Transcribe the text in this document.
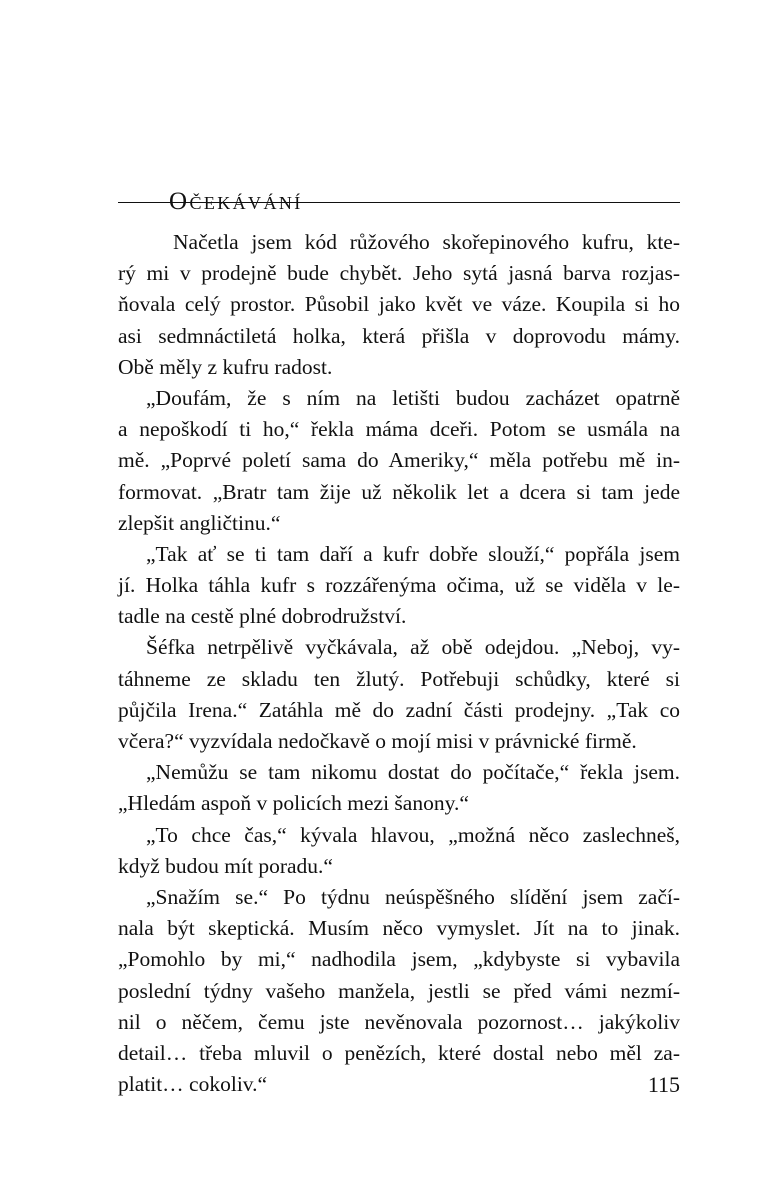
Očekávání

Načetla jsem kód růžového skořepinového kufru, kte-
rý mi v prodejně bude chybět. Jeho sytá jasná barva rozjas-
ňovala celý prostor. Působil jako květ ve váze. Koupila si ho
asi sedmnáctiletá holka, která přišla v doprovodu mámy.
Obě měly z kufru radost.

„Doufám, že s ním na letišti budou zacházet opatrně
a nepoškodí ti ho,“ řekla máma dceři. Potom se usmála na
mě. „Poprvé poletí sama do Ameriky,“ měla potřebu mě in-
formovat. „Bratr tam žije už několik let a dcera si tam jede
zlepšit angličtinu.“

„Tak ať se ti tam daří a kufr dobře slouží,“ popřála jsem
jí. Holka táhla kufr s rozzářenýma očima, už se viděla v le-
tadle na cestě plné dobrodružství.

Šéfka netrpělivě vyčkávala, až obě odejdou. „Neboj, vy-
táhneme ze skladu ten žlutý. Potřebuji schůdky, které si
půjčila Irena.“ Zatáhla mě do zadní části prodejny. „Tak co
včera?“ vyzvídala nedočkavě o mojí misi v právnické firmě.

„Nemůžu se tam nikomu dostat do počítače,“ řekla jsem.
„Hledám aspoň v policích mezi šanony.“

„To chce čas,“ kývala hlavou, „možná něco zaslechneš,
když budou mít poradu.“

„Snažím se.“ Po týdnu neúspěšného slídění jsem začí-
nala být skeptická. Musím něco vymyslet. Jít na to jinak.
„Pomohlo by mi,“ nadhodila jsem, „kdybyste si vybavila
poslední týdny vašeho manžela, jestli se před vámi nezmí-
nil o něčem, čemu jste nevěnovala pozornost… jakýkoliv
detail… třeba mluvil o penězích, které dostal nebo měl za-
platit… cokoliv.“	115
